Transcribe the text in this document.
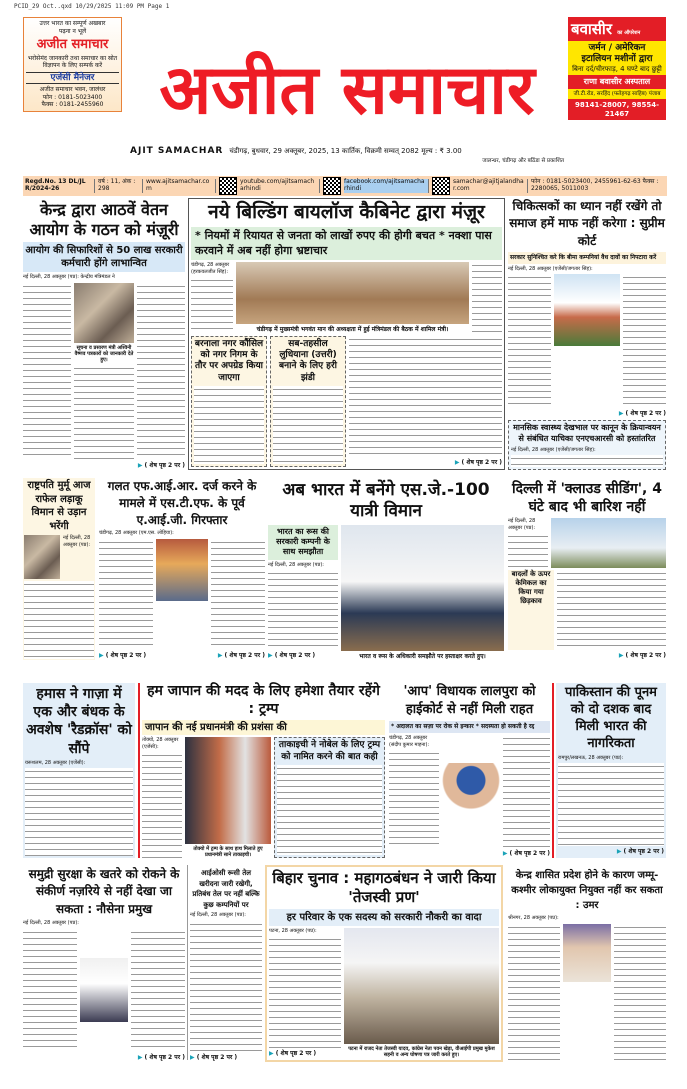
PCID_29 Oct..qxd 10/29/2025 11:09 PM Page 1
उत्तर भारत का सम्पूर्ण अखबार
पढ़ना न भूलें
अजीत समाचार
भरोसेमंद जानकारी तथा समाचार का स्रोत
विज्ञापन के लिए सम्पर्क करें
एजेंसी मैनेजर
अजीत समाचार भवन, जालंधर
फोन : 0181-5023400
फैक्स : 0181-2455960 अजीत समाचार
AJIT SAMACHAR चंडीगढ़, बुधवार, 29 अक्तूबर, 2025, 13 कार्तिक, विक्रमी सम्वत् 2082 मूल्य : ₹ 3.00
जालन्धर, चंडीगढ़ और बठिंडा से प्रकाशित
बवासीर का ऑपरेशन
जर्मन / अमेरिकन
इटालियन मशीनों द्वारा
बिना दर्द/चीरफाड़, 4 घण्टे बाद छुट्टी
राणा बवासीर अस्पताल
जी.टी.रोड, सरहिंद (फतेहगढ़ साहिब) पंजाब
98141-28007, 98554-21467
Regd.No. 13 DL/JLR/2024-26
वर्ष : 11, अंक : 298
www.ajitsamachar.com
youtube.com/ajitsamacharhindi
facebook.com/ajitsamacharhindi
samachar@ajitjalandhar.com
फोन : 0181-5023400, 2455961-62-63 फैक्स : 2280065, 5011003
केन्द्र द्वारा आठवें वेतन आयोग के गठन को मंज़ूरी
आयोग की सिफारिशों से 50 लाख सरकारी कर्मचारी होंगे लाभान्वित
नई दिल्ली, 28 अक्तूबर (पप्र): केन्द्रीय मंत्रिमंडल ने
सूचना व प्रसारण मंत्री अश्विनी वैष्णव पत्रकारों को जानकारी देते हुए।
▶ ( शेष पृष्ठ 2 पर )
नये बिल्डिंग बायलॉज कैबिनेट द्वारा मंज़ूर
* नियमों में रियायत से जनता को लाखों रुपए की होगी बचत * नक्शा पास करवाने में अब नहीं होगा भ्रष्टाचार
चंडीगढ़, 28 अक्तूबर (हरकवलजीत सिंह):
चंडीगढ़ में मुख्यमंत्री भगवंत मान की अध्यक्षता में हुई मंत्रिमंडल की बैठक में शामिल मंत्री।
बरनाला नगर कौंसिल को नगर निगम के तौर पर अपग्रेड किया जाएगा
सब-तहसील लुधियाना (उत्तरी) बनाने के लिए हरी झंडी
▶ ( शेष पृष्ठ 2 पर )
चिकित्सकों का ध्यान नहीं रखेंगे तो समाज हमें माफ नहीं करेगा : सुप्रीम कोर्ट
सरकार सुनिश्चित करे कि बीमा कम्पनियां वैध दावों का निपटारा करें
नई दिल्ली, 28 अक्तूबर (एजेंसी/जगतार सिंह):
▶ ( शेष पृष्ठ 2 पर )
मानसिक स्वास्थ्य देखभाल पर कानून के क्रियान्वयन से संबंधित याचिका एनएचआरसी को हस्तांतरित
नई दिल्ली, 28 अक्तूबर (एजेंसी/जगतार सिंह):
राष्ट्रपति मुर्मू आज राफेल लड़ाकू विमान से उड़ान भरेंगी
नई दिल्ली, 28 अक्तूबर (पप्र):
गलत एफ.आई.आर. दर्ज करने के मामले में एस.टी.एफ. के पूर्व ए.आई.जी. गिरफ्तार
चंडीगढ़, 28 अक्तूबर (एम.एस. लोहिया):
▶ ( शेष पृष्ठ 2 पर )	▶ ( शेष पृष्ठ 2 पर )
अब भारत में बनेंगे एस.जे.-100 यात्री विमान
भारत का रूस की सरकारी कम्पनी के साथ समझौता
नई दिल्ली, 28 अक्तूबर (पप्र):
▶ ( शेष पृष्ठ 2 पर )	भारत व रूस के अधिकारी समझौते पर हस्ताक्षर करते हुए।
दिल्ली में 'क्लाउड सीडिंग', 4 घंटे बाद भी बारिश नहीं
नई दिल्ली, 28 अक्तूबर (पप्र):
बादलों के ऊपर केमिकल का किया गया छिड़काव
▶ ( शेष पृष्ठ 2 पर )
हमास ने गाज़ा में एक और बंधक के अवशेष 'रैडक्रॉस' को सौंपे
यरूशलम, 28 अक्तूबर (एजेंसी):
हम जापान की मदद के लिए हमेशा तैयार रहेंगे : ट्रम्प
जापान की नई प्रधानमंत्री की प्रशंसा की
तोक्यो, 28 अक्तूबर (एजेंसी):
तोक्यो में ट्रम्प के साथ हाथ मिलाते हुए प्रधानमंत्री साने ताकाइची।
ताकाइची ने नोबेल के लिए ट्रम्प को नामित करने की बात कही
'आप' विधायक लालपुरा को हाईकोर्ट से नहीं मिली राहत
* अदालत का सज़ा पर रोक से इन्कार * सदस्यता हो सकती है रद्द
चंडीगढ़, 28 अक्तूबर (संदीप कुमार माहना):
▶ ( शेष पृष्ठ 2 पर )
पाकिस्तान की पूनम को दो दशक बाद मिली भारत की नागरिकता
रामपुर/लखनऊ, 28 अक्तूबर (पप्र):
▶ ( शेष पृष्ठ 2 पर )
समुद्री सुरक्षा के खतरे को रोकने के संकीर्ण नज़रिये से नहीं देखा जा सकता : नौसेना प्रमुख
नई दिल्ली, 28 अक्तूबर (पप्र):
▶ ( शेष पृष्ठ 2 पर )
आईओसी रूसी तेल खरीदना जारी रखेगी, प्रतिबंध तेल पर नहीं बल्कि कुछ कम्पनियों पर
नई दिल्ली, 28 अक्तूबर (पप्र):
▶ ( शेष पृष्ठ 2 पर )
बिहार चुनाव : महागठबंधन ने जारी किया 'तेजस्वी प्रण'
हर परिवार के एक सदस्य को सरकारी नौकरी का वादा
पटना, 28 अक्तूबर (पप्र):
▶ ( शेष पृष्ठ 2 पर )
पटना में राजद नेता तेजस्वी यादव, कांग्रेस नेता पवन खेड़ा, वीआईपी प्रमुख मुकेश सहनी व अन्य घोषणा पत्र जारी करते हुए।
केन्द्र शासित प्रदेश होने के कारण जम्मू-कश्मीर लोकायुक्त नियुक्त नहीं कर सकता : उमर
श्रीनगर, 28 अक्तूबर (पप्र):
